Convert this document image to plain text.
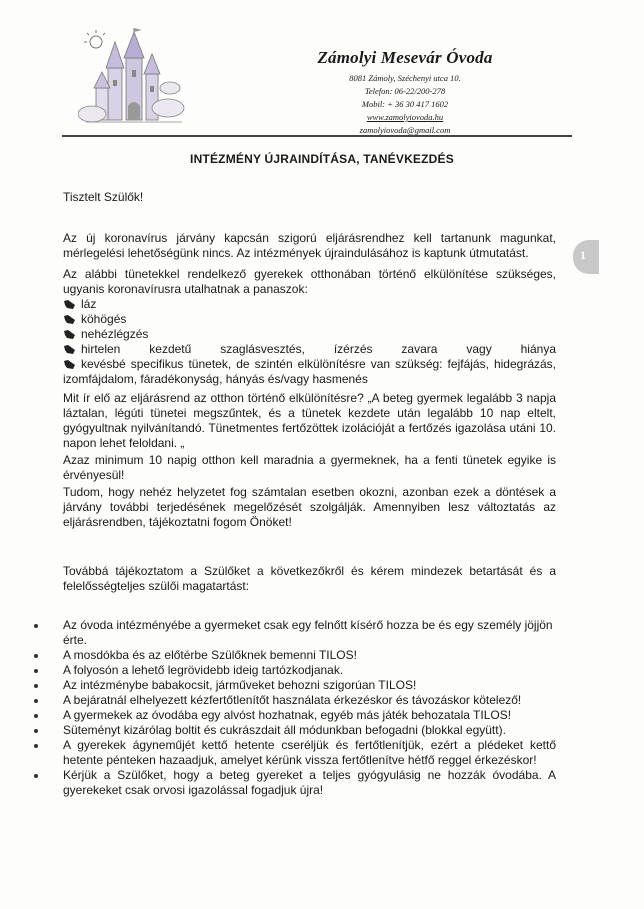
Zámolyi Mesevár Óvoda
8081 Zámoly, Széchenyi utca 10.
Telefon: 06-22/200-278
Mobil: + 36 30 417 1602
www.zamolyiovoda.hu
zamolyiovoda@gmail.com
1
INTÉZMÉNY ÚJRAINDÍTÁSA, TANÉVKEZDÉS

Tisztelt Szülők!

Az új koronavírus járvány kapcsán szigorú eljárásrendhez kell tartanunk magunkat, mérlegelési lehetőségünk nincs. Az intézmények újraindulásához is kaptunk útmutatást.

Az alábbi tünetekkel rendelkező gyerekek otthonában történő elkülönítése szükséges, ugyanis koronavírusra utalhatnak a panaszok:

láz
köhögés
nehézlégzés
hirtelen kezdetű szaglásvesztés, ízérzés zavara vagy hiánya
kevésbé specifikus tünetek, de szintén elkülönítésre van szükség: fejfájás, hidegrázás, izomfájdalom, fáradékonyság, hányás és/vagy hasmenés

Mit ír elő az eljárásrend az otthon történő elkülönítésre? „A beteg gyermek legalább 3 napja láztalan, légúti tünetei megszűntek, és a tünetek kezdete után legalább 10 nap eltelt, gyógyultnak nyilvánítandó. Tünetmentes fertőzöttek izolációját a fertőzés igazolása utáni 10. napon lehet feloldani. „

Azaz minimum 10 napig otthon kell maradnia a gyermeknek, ha a fenti tünetek egyike is érvényesül!

Tudom, hogy nehéz helyzetet fog számtalan esetben okozni, azonban ezek a döntések a járvány további terjedésének megelőzését szolgálják. Amennyiben lesz változtatás az eljárásrendben, tájékoztatni fogom Önöket!

Továbbá tájékoztatom a Szülőket a következőkről és kérem mindezek betartását és a felelősségteljes szülői magatartást:

Az óvoda intézményébe a gyermeket csak egy felnőtt kísérő hozza be és egy személy jöjjön érte.
A mosdókba és az előtérbe Szülőknek bemenni TILOS!
A folyosón a lehető legrövidebb ideig tartózkodjanak.
Az intézménybe babakocsit, járműveket behozni szigorúan TILOS!
A bejáratnál elhelyezett kézfertőtlenítőt használata érkezéskor és távozáskor kötelező!
A gyermekek az óvodába egy alvóst hozhatnak, egyéb más játék behozatala TILOS!
Süteményt kizárólag boltit és cukrászdait áll módunkban befogadni (blokkal együtt).
A gyerekek ágyneműjét kettő hetente cseréljük és fertőtlenítjük, ezért a plédeket kettő hetente pénteken hazaadjuk, amelyet kérünk vissza fertőtlenítve hétfő reggel érkezéskor!
Kérjük a Szülőket, hogy a beteg gyereket a teljes gyógyulásig ne hozzák óvodába. A gyerekeket csak orvosi igazolással fogadjuk újra!
